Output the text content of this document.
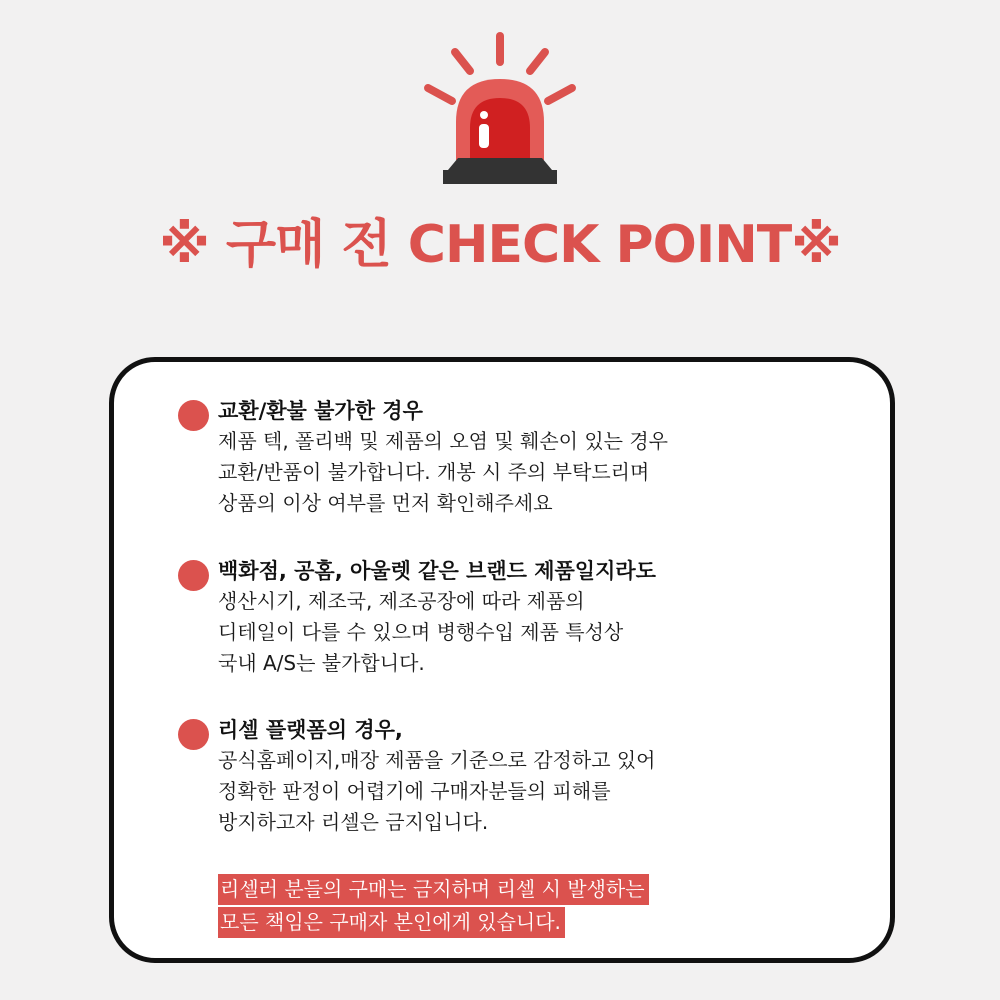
※ 구매 전 CHECK POINT※
교환/환불 불가한 경우
제품 텍, 폴리백 및 제품의 오염 및 훼손이 있는 경우
교환/반품이 불가합니다. 개봉 시 주의 부탁드리며
상품의 이상 여부를 먼저 확인해주세요
백화점, 공홈, 아울렛 같은 브랜드 제품일지라도
생산시기, 제조국, 제조공장에 따라 제품의
디테일이 다를 수 있으며 병행수입 제품 특성상
국내 A/S는 불가합니다.
리셀 플랫폼의 경우,
공식홈페이지,매장 제품을 기준으로 감정하고 있어
정확한 판정이 어렵기에 구매자분들의 피해를
방지하고자 리셀은 금지입니다.
리셀러 분들의 구매는 금지하며 리셀 시 발생하는
모든 책임은 구매자 본인에게 있습니다.
